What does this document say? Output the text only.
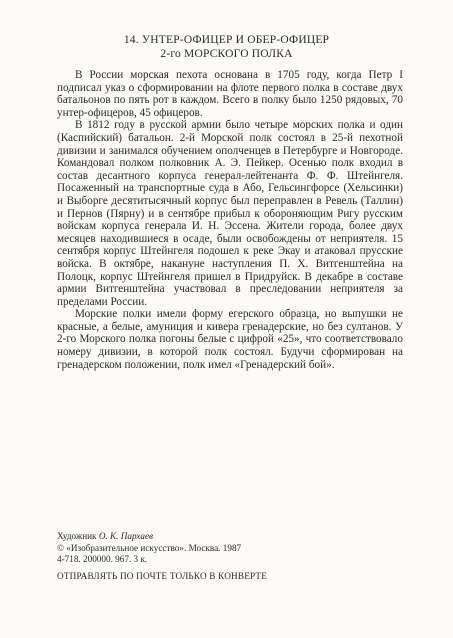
14. УНТЕР-ОФИЦЕР И ОБЕР-ОФИЦЕР
2-го МОРСКОГО ПОЛКА

В России морская пехота основана в 1705 году, когда Петр I подписал указ о сформировании на флоте первого полка в составе двух батальонов по пять рот в каждом. Всего в полку было 1250 рядовых, 70 унтер-офицеров, 45 офицеров.

В 1812 году в русской армии было четыре морских полка и один (Каспийский) батальон. 2-й Морской полк состоял в 25-й пехотной дивизии и занимался обучением ополченцев в Петербурге и Новгороде. Командовал полком полковник А. Э. Пейкер. Осенью полк входил в состав десантного корпуса генерал-лейтенанта Ф. Ф. Штейнгеля. Посаженный на транспортные суда в Або, Гельсингфорсе (Хельсинки) и Выборге десятитысячный корпус был переправлен в Ревель (Таллин) и Пернов (Пярну) и в сентябре прибыл к обороняющим Ригу русским войскам корпуса генерала И. Н. Эссена. Жители города, более двух месяцев находившиеся в осаде, были освобождены от неприятеля. 15 сентября корпус Штейнгеля подошел к реке Экау и атаковал прусские войска. В октябре, накануне наступления П. Х. Витгенштейна на Полоцк, корпус Штейнгеля пришел в Придруйск. В декабре в составе армии Витгенштейна участвовал в преследовании неприятеля за пределами России.

Морские полки имели форму егерского образца, но выпушки не красные, а белые, амуниция и кивера гренадерские, но без султанов. У 2-го Морского полка погоны белые с цифрой «25», что соответствовало номеру дивизии, в которой полк состоял. Будучи сформирован на гренадерском положении, полк имел «Гренадерский бой».

Художник О. К. Пархаев

© «Изобразительное искусство». Москва. 1987

4-718. 200000. 967. 3 к.

ОТПРАВЛЯТЬ ПО ПОЧТЕ ТОЛЬКО В КОНВЕРТЕ
